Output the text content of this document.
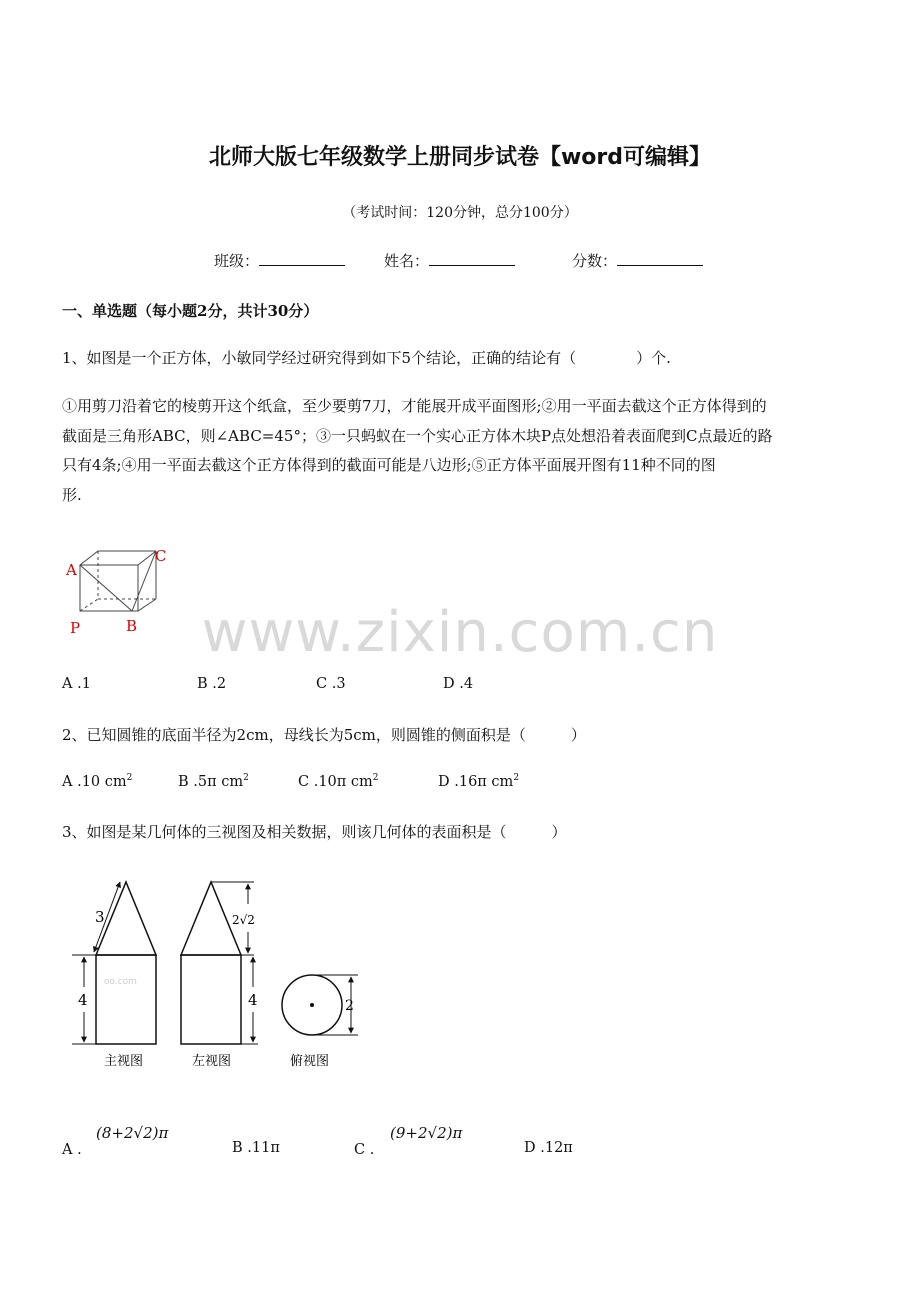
北师大版七年级数学上册同步试卷【word可编辑】
（考试时间：120分钟，总分100分）
班级：	姓名：	分数：
一、单选题（每小题2分，共计30分）
1、如图是一个正方体，小敏同学经过研究得到如下5个结论，正确的结论有（　　　　）个.
①用剪刀沿着它的棱剪开这个纸盒，至少要剪7刀，才能展开成平面图形;②用一平面去截这个正方体得到的
截面是三角形ABC，则∠ABC=45°；③一只蚂蚁在一个实心正方体木块P点处想沿着表面爬到C点最近的路
只有4条;④用一平面去截这个正方体得到的截面可能是八边形;⑤正方体平面展开图有11种不同的图
形.
A
C
P	B	www.zixin.com.cn
A .1	B .2	C .3	D .4
2、已知圆锥的底面半径为2cm，母线长为5cm，则圆锥的侧面积是（　　　）
A .10 $cm^2$	B .5π $cm^2$	C .10π $cm^2$	D .16π $cm^2$
3、如图是某几何体的三视图及相关数据，则该几何体的表面积是（　　　）
3
4
2√2
4	2
oo.com
主视图	左视图	俯视图
A .
(8+2√2)π
B .11π	C .
(9+2√2)π
D .12π
